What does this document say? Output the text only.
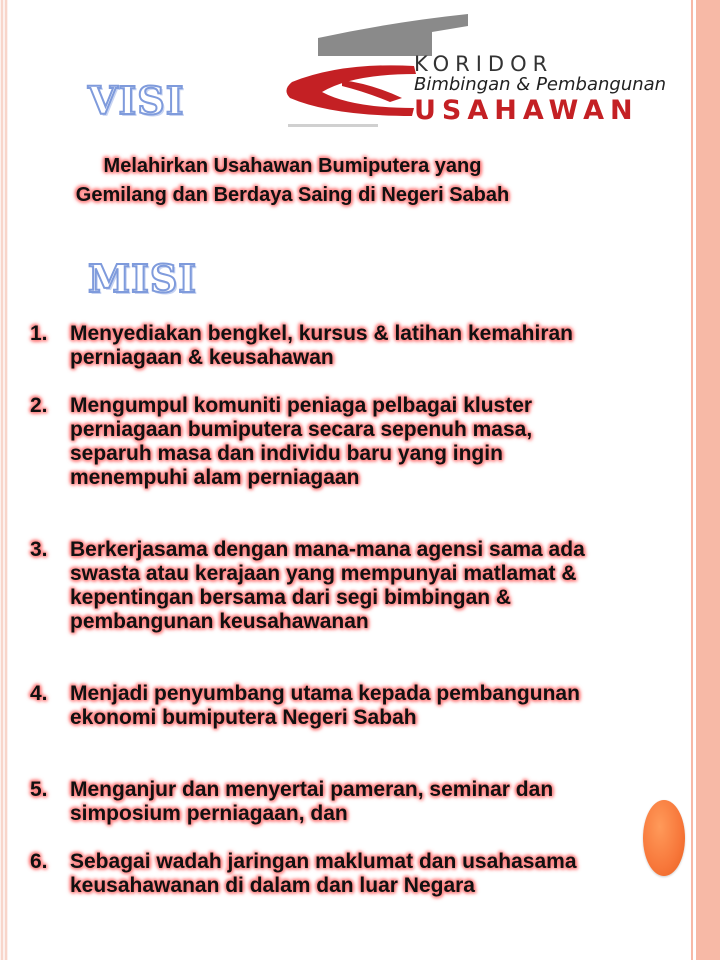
KORIDOR
Bimbingan & Pembangunan
USAHAWAN
VISI
Melahirkan Usahawan Bumiputera yang Gemilang dan Berdaya Saing di Negeri Sabah
MISI
1.	Menyediakan bengkel, kursus & latihan kemahiran perniagaan & keusahawan
2.	Mengumpul komuniti peniaga pelbagai kluster perniagaan bumiputera secara sepenuh masa, separuh masa dan individu baru yang ingin menempuhi alam perniagaan
3.	Berkerjasama dengan mana-mana agensi sama ada swasta atau kerajaan yang mempunyai matlamat & kepentingan bersama dari segi bimbingan & pembangunan keusahawanan
4.	Menjadi penyumbang utama kepada pembangunan ekonomi bumiputera Negeri Sabah
5.	Menganjur dan menyertai pameran, seminar dan simposium perniagaan, dan
6.	Sebagai wadah jaringan maklumat dan usahasama keusahawanan di dalam dan luar Negara
